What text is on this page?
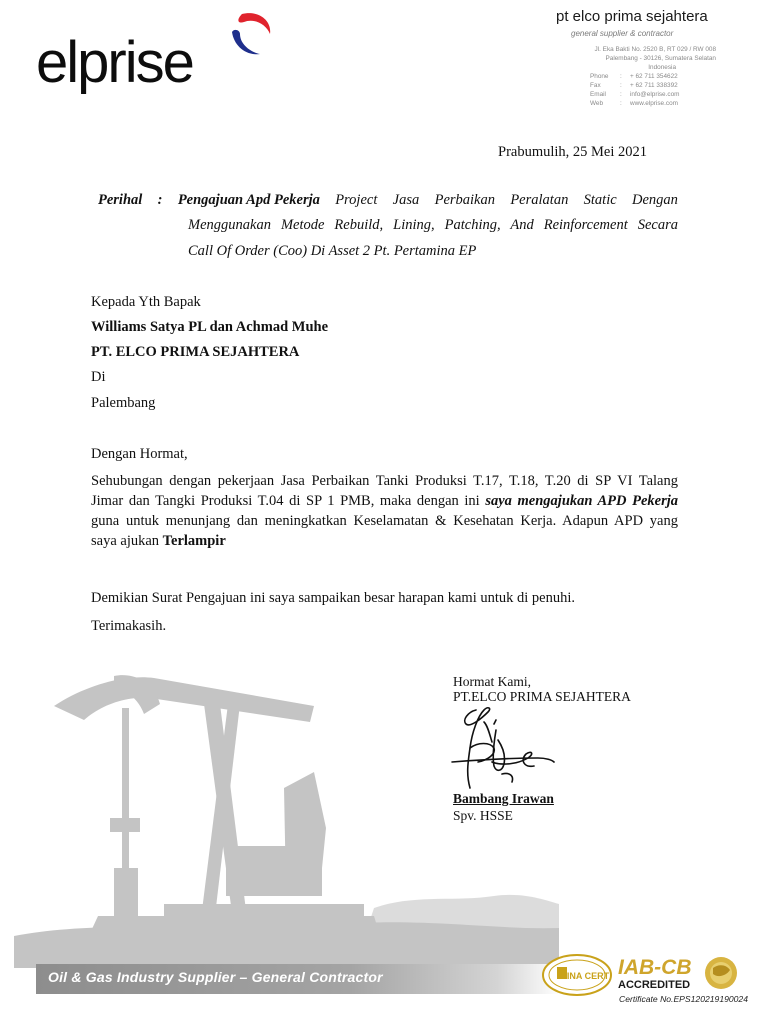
elprise
pt elco prima sejahtera
general supplier & contractor
Jl. Eka Bakti No. 2520 B, RT 029 / RW 008
Palembang - 30126, Sumatera Selatan
Indonesia
Phone	:	+ 62 711 354622
Fax	:	+ 62 711 338392
Email	:	info@elprise.com
Web	:	www.elprise.com
Prabumulih, 25 Mei 2021
Perihal : Pengajuan Apd Pekerja Project Jasa Perbaikan Peralatan Static Dengan
Menggunakan Metode Rebuild, Lining, Patching, And Reinforcement Secara
Call Of Order (Coo) Di Asset 2 Pt. Pertamina EP
Kepada Yth Bapak
Williams Satya PL dan Achmad Muhe
PT. ELCO PRIMA SEJAHTERA
Di
Palembang
Dengan Hormat,
Sehubungan dengan pekerjaan Jasa Perbaikan Tanki Produksi T.17, T.18, T.20 di SP VI Talang
Jimar dan Tangki Produksi T.04 di SP 1 PMB, maka dengan ini saya mengajukan APD Pekerja
guna untuk menunjang dan meningkatkan Keselamatan & Kesehatan Kerja. Adapun APD yang
saya ajukan Terlampir
Demikian Surat Pengajuan ini saya sampaikan besar harapan kami untuk di penuhi.
Terimakasih.
Hormat Kami,
PT.ELCO PRIMA SEJAHTERA
Bambang Irawan
Spv. HSSE
Oil & Gas Industry Supplier – General Contractor	SINA CERT IAB-CB
ACCREDITED
Certificate No.EPS120219190024
